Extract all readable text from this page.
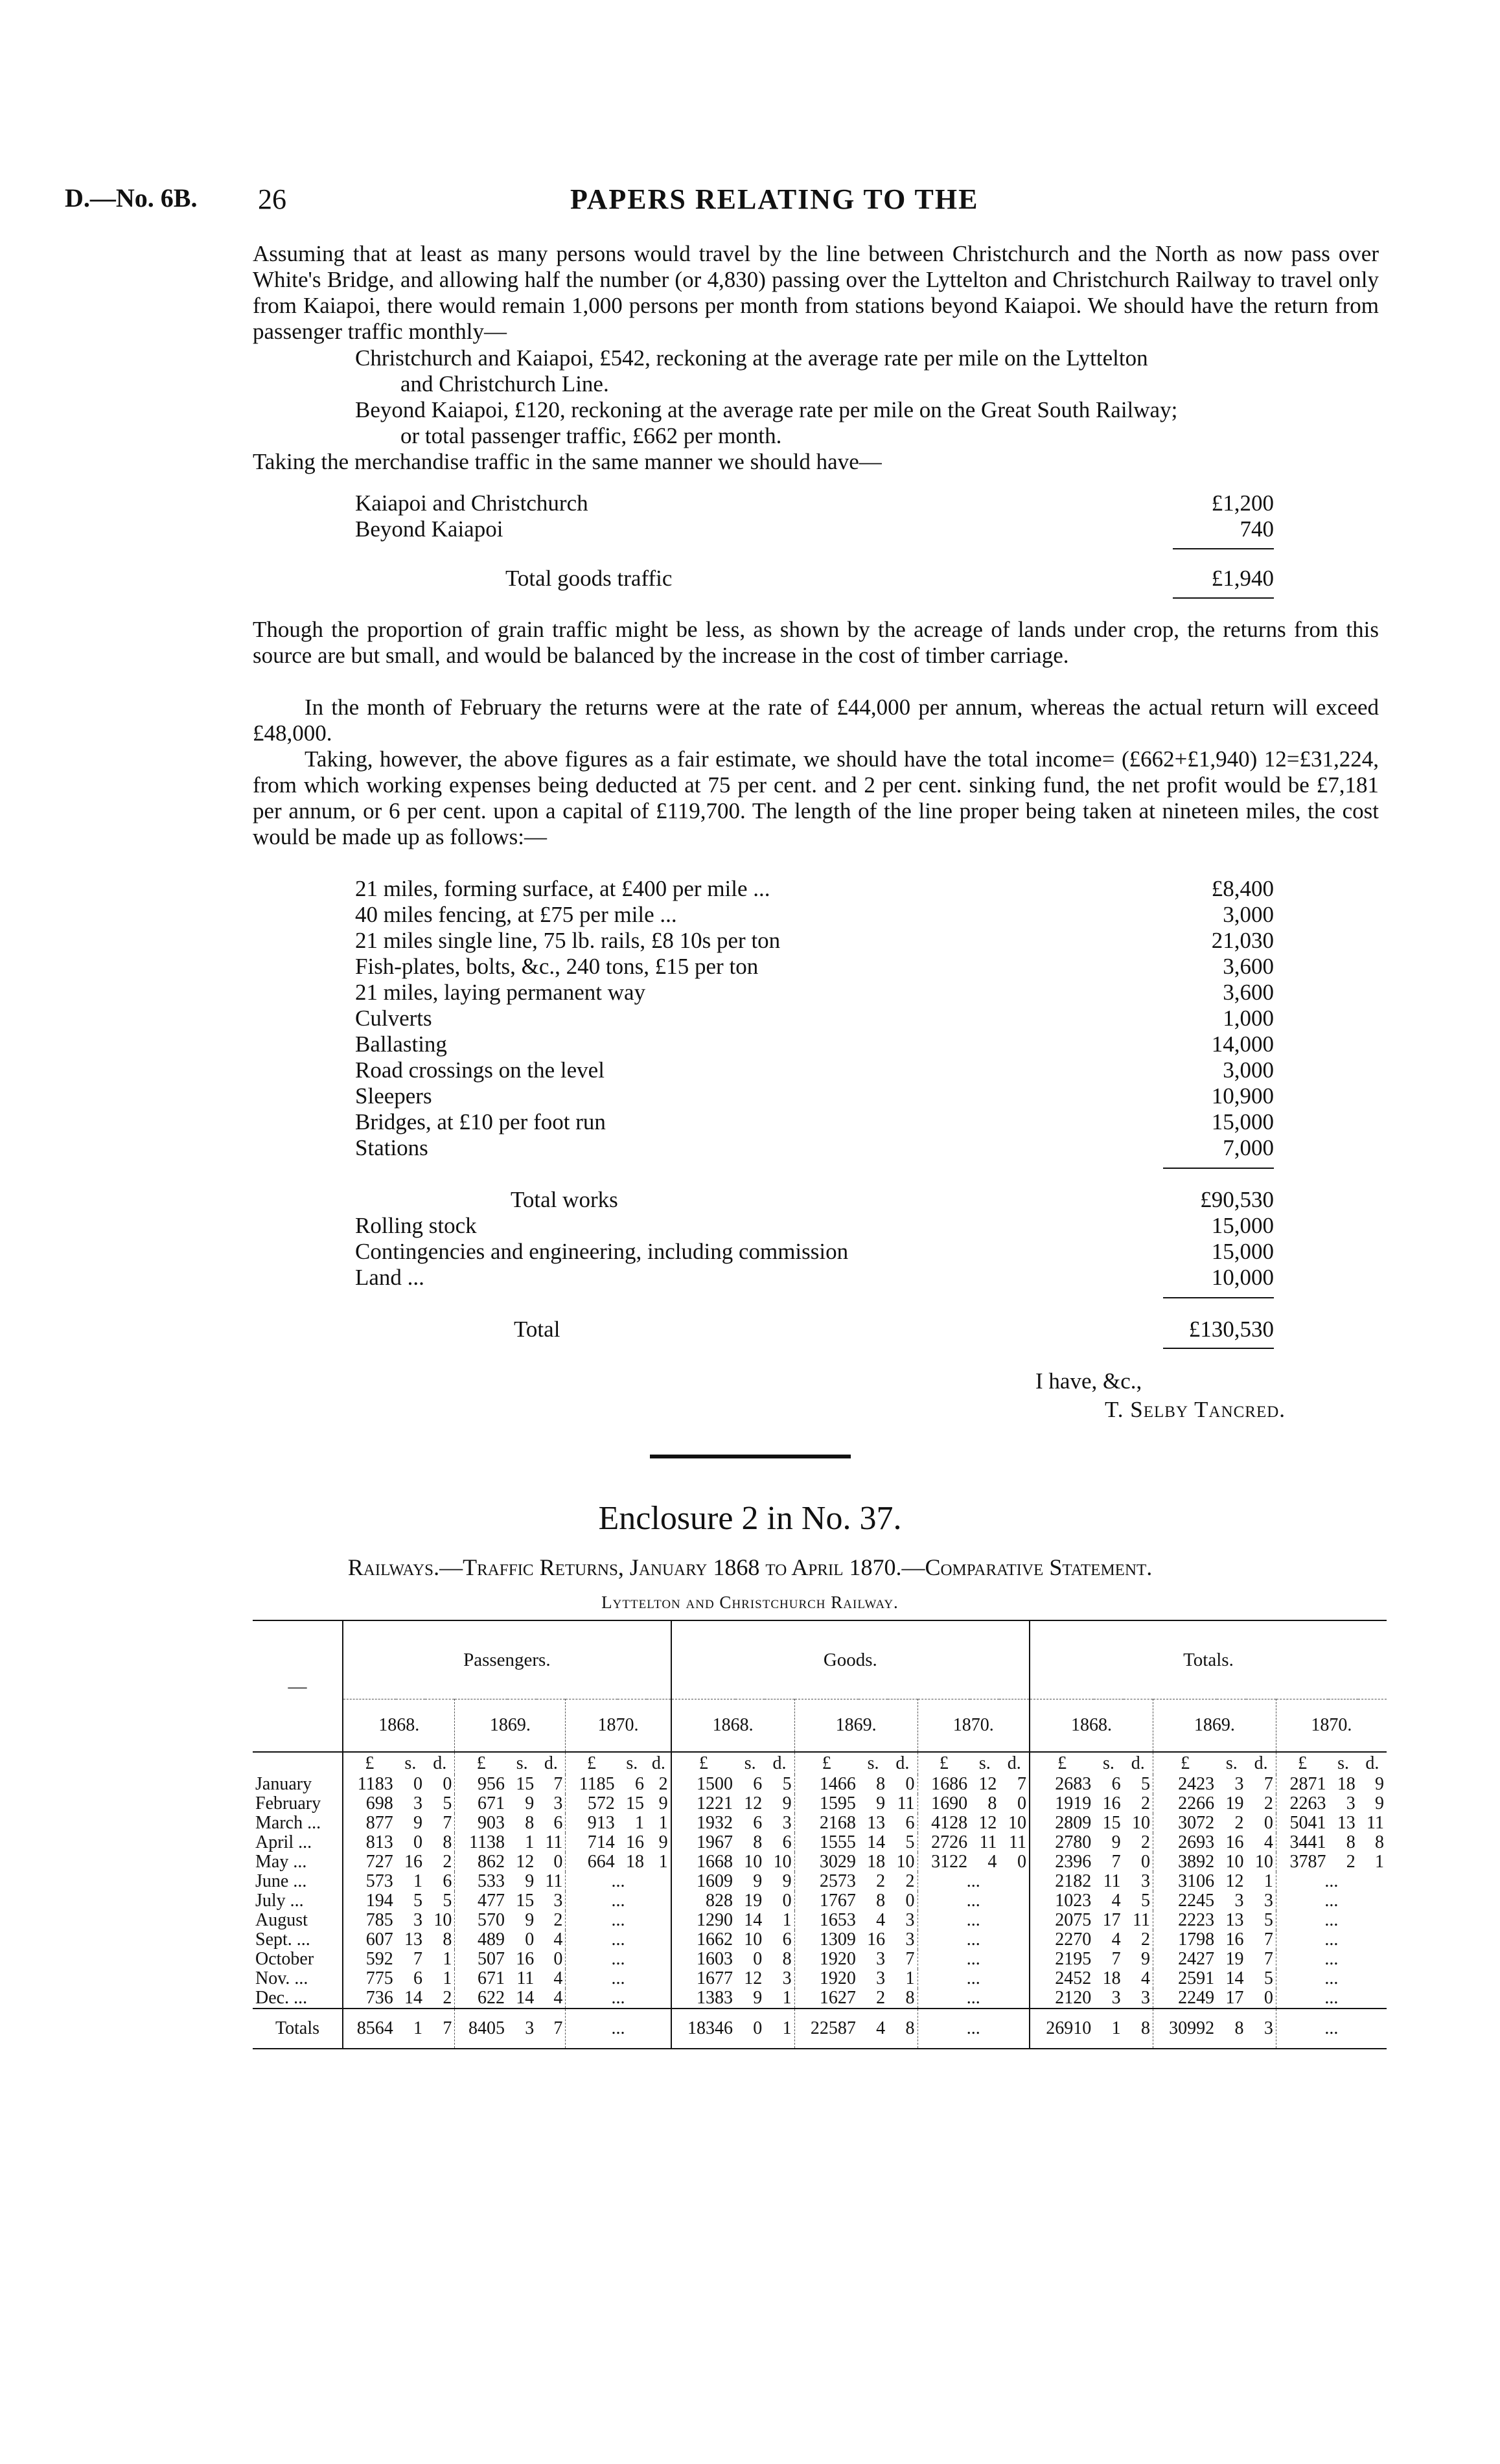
D.—No. 6B. 26	PAPERS RELATING TO THE
Assuming that at least as many persons would travel by the line between Christchurch and the North as now pass over White's Bridge, and allowing half the number (or 4,830) passing over the Lyttelton and Christchurch Railway to travel only from Kaiapoi, there would remain 1,000 persons per month from stations beyond Kaiapoi. We should have the return from passenger traffic monthly—
Christchurch and Kaiapoi, £542, reckoning at the average rate per mile on the Lyttelton
and Christchurch Line.
Beyond Kaiapoi, £120, reckoning at the average rate per mile on the Great South Railway;
or total passenger traffic, £662 per month.
Taking the merchandise traffic in the same manner we should have—
Kaiapoi and Christchurch	£1,200
Beyond Kaiapoi	740
Total goods traffic	£1,940
Though the proportion of grain traffic might be less, as shown by the acreage of lands under crop, the returns from this source are but small, and would be balanced by the increase in the cost of timber carriage.
In the month of February the returns were at the rate of £44,000 per annum, whereas the actual return will exceed £48,000.
Taking, however, the above figures as a fair estimate, we should have the total income= (£662+£1,940) 12=£31,224, from which working expenses being deducted at 75 per cent. and 2 per cent. sinking fund, the net profit would be £7,181 per annum, or 6 per cent. upon a capital of £119,700. The length of the line proper being taken at nineteen miles, the cost would be made up as follows:—
21 miles, forming surface, at £400 per mile ...	£8,400
40 miles fencing, at £75 per mile ...	3,000
21 miles single line, 75 lb. rails, £8 10s per ton	21,030
Fish-plates, bolts, &c., 240 tons, £15 per ton	3,600
21 miles, laying permanent way	3,600
Culverts	1,000
Ballasting	14,000
Road crossings on the level	3,000
Sleepers	10,900
Bridges, at £10 per foot run	15,000
Stations	7,000
Total works	£90,530
Rolling stock	15,000
Contingencies and engineering, including commission	15,000
Land ...	10,000
Total	£130,530
I have, &c.,
T. Selby Tancred.
Enclosure 2 in No. 37.
Railways.—Traffic Returns, January 1868 to April 1870.—Comparative Statement.
Lyttelton and Christchurch Railway.
—	Passengers.									Goods.									Totals.								
	1868.			1869.			1870.			1868.			1869.			1870.			1868.			1869.			1870.		
	£	s.	d.	£	s.	d.	£	s.	d.	£	s.	d.	£	s.	d.	£	s.	d.	£	s.	d.	£	s.	d.	£	s.	d.
January	1183	0	0	956	15	7	1185	6	2	1500	6	5	1466	8	0	1686	12	7	2683	6	5	2423	3	7	2871	18	9
February	698	3	5	671	9	3	572	15	9	1221	12	9	1595	9	11	1690	8	0	1919	16	2	2266	19	2	2263	3	9
March ...	877	9	7	903	8	6	913	1	1	1932	6	3	2168	13	6	4128	12	10	2809	15	10	3072	2	0	5041	13	11
April ...	813	0	8	1138	1	11	714	16	9	1967	8	6	1555	14	5	2726	11	11	2780	9	2	2693	16	4	3441	8	8
May ...	727	16	2	862	12	0	664	18	1	1668	10	10	3029	18	10	3122	4	0	2396	7	0	3892	10	10	3787	2	1
June ...	573	1	6	533	9	11	...			1609	9	9	2573	2	2	...			2182	11	3	3106	12	1	...		
July ...	194	5	5	477	15	3	...			828	19	0	1767	8	0	...			1023	4	5	2245	3	3	...		
August	785	3	10	570	9	2	...			1290	14	1	1653	4	3	...			2075	17	11	2223	13	5	...		
Sept. ...	607	13	8	489	0	4	...			1662	10	6	1309	16	3	...			2270	4	2	1798	16	7	...		
October	592	7	1	507	16	0	...			1603	0	8	1920	3	7	...			2195	7	9	2427	19	7	...		
Nov. ...	775	6	1	671	11	4	...			1677	12	3	1920	3	1	...			2452	18	4	2591	14	5	...		
Dec. ...	736	14	2	622	14	4	...			1383	9	1	1627	2	8	...			2120	3	3	2249	17	0	...		
Totals	8564	1	7	8405	3	7	...			18346	0	1	22587	4	8	...			26910	1	8	30992	8	3	...		
